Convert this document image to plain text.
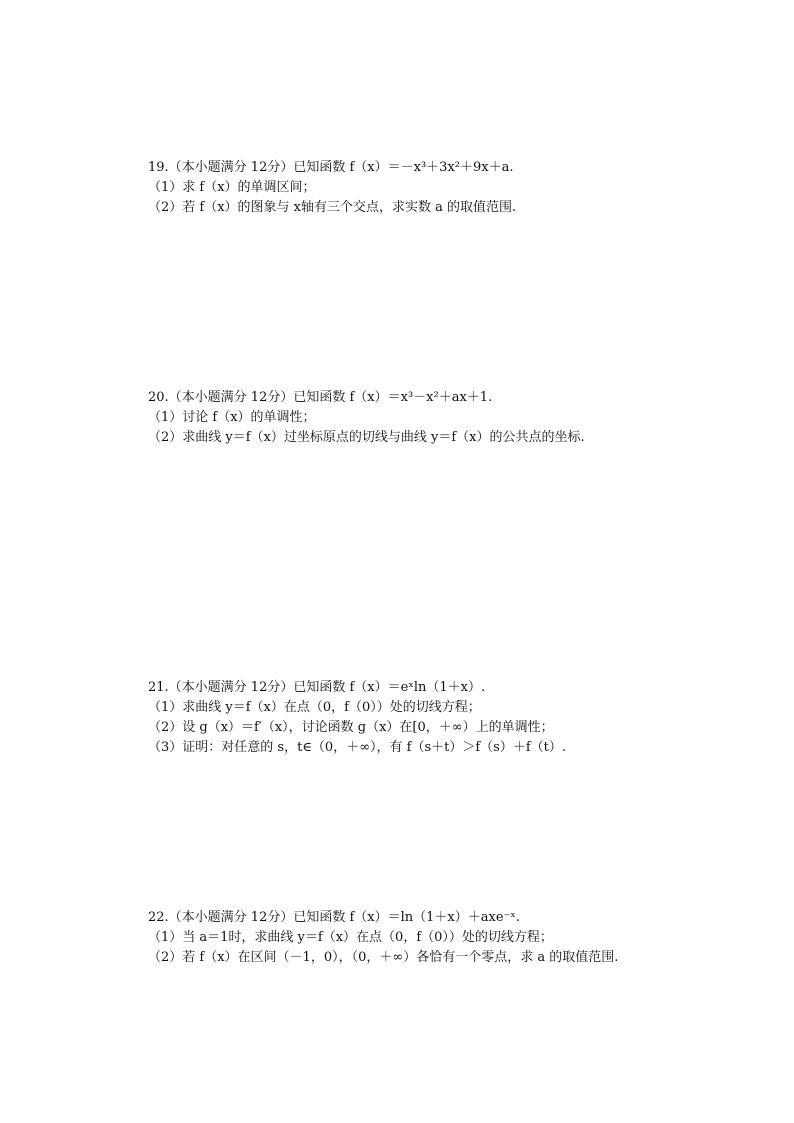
19.（本小题满分 12分）已知函数 f（x）＝－x³＋3x²＋9x＋a.
（1）求 f（x）的单调区间；
（2）若 f（x）的图象与 x轴有三个交点，求实数 a 的取值范围.
20.（本小题满分 12分）已知函数 f（x）＝x³－x²＋ax＋1.
（1）讨论 f（x）的单调性；
（2）求曲线 y＝f（x）过坐标原点的切线与曲线 y＝f（x）的公共点的坐标.
21.（本小题满分 12分）已知函数 f（x）＝eˣln（1＋x）.
（1）求曲线 y＝f（x）在点（0，f（0））处的切线方程；
（2）设 g（x）＝f′（x），讨论函数 g（x）在[0，＋∞）上的单调性；
（3）证明：对任意的 s，t∈（0，＋∞），有 f（s＋t）＞f（s）＋f（t）.
22.（本小题满分 12分）已知函数 f（x）＝ln（1＋x）＋axe⁻ˣ.
（1）当 a＝1时，求曲线 y＝f（x）在点（0，f（0））处的切线方程；
（2）若 f（x）在区间（－1，0），（0，＋∞）各恰有一个零点，求 a 的取值范围.
